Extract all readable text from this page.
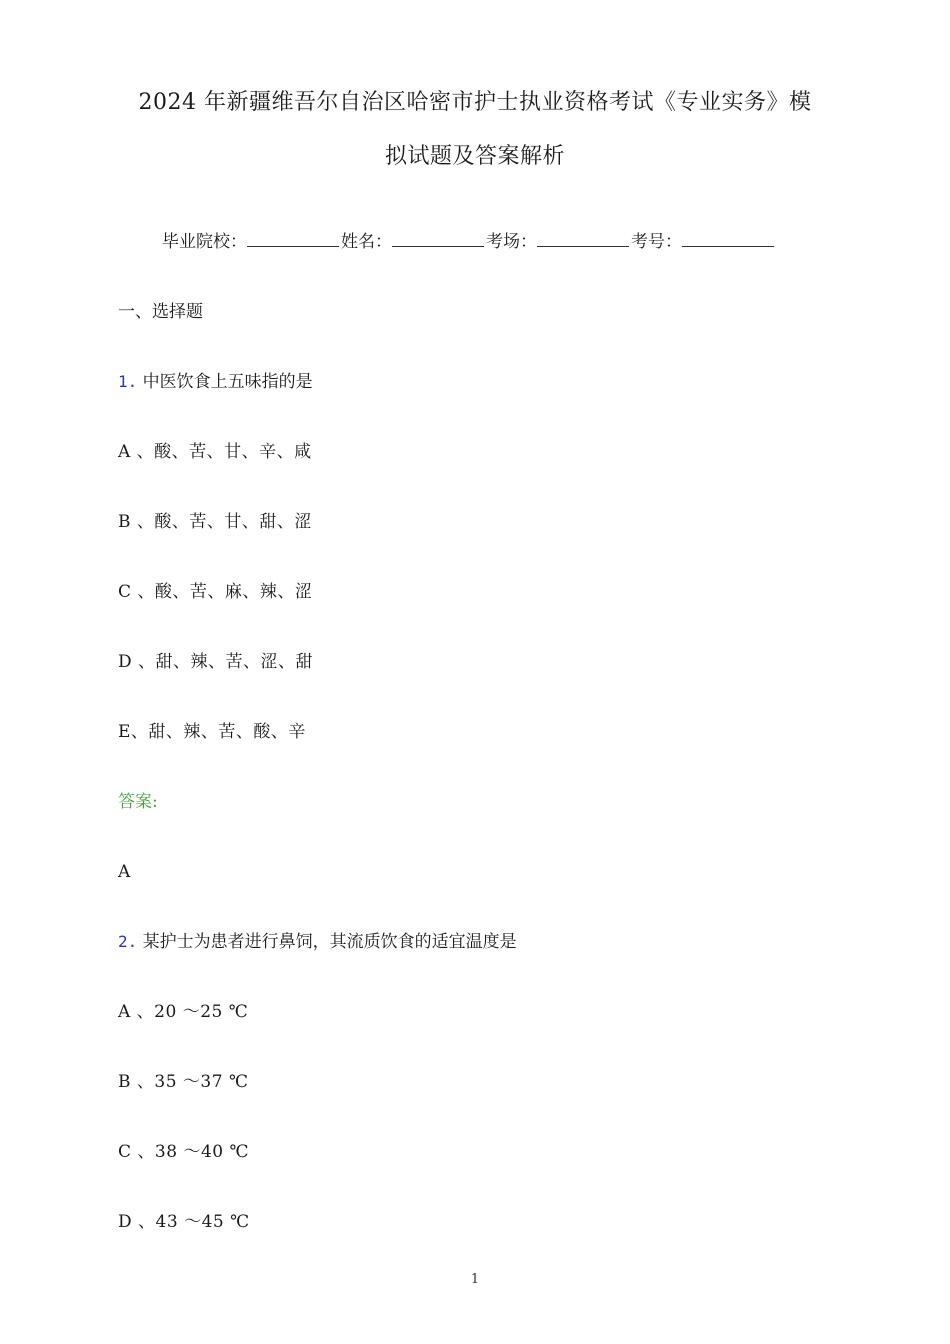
2024 年新疆维吾尔自治区哈密市护士执业资格考试《专业实务》模
拟试题及答案解析
毕业院校：	姓名：	考场：	考号：
一、选择题
1. 中医饮食上五味指的是
A 、酸、苦、甘、辛、咸
B 、酸、苦、甘、甜、涩
C 、酸、苦、麻、辣、涩
D 、甜、辣、苦、涩、甜
E、甜、辣、苦、酸、辛
答案:
A
2. 某护士为患者进行鼻饲，其流质饮食的适宜温度是
A 、20 ～25 ℃
B 、35 ～37 ℃
C 、38 ～40 ℃
D 、43 ～45 ℃
1
